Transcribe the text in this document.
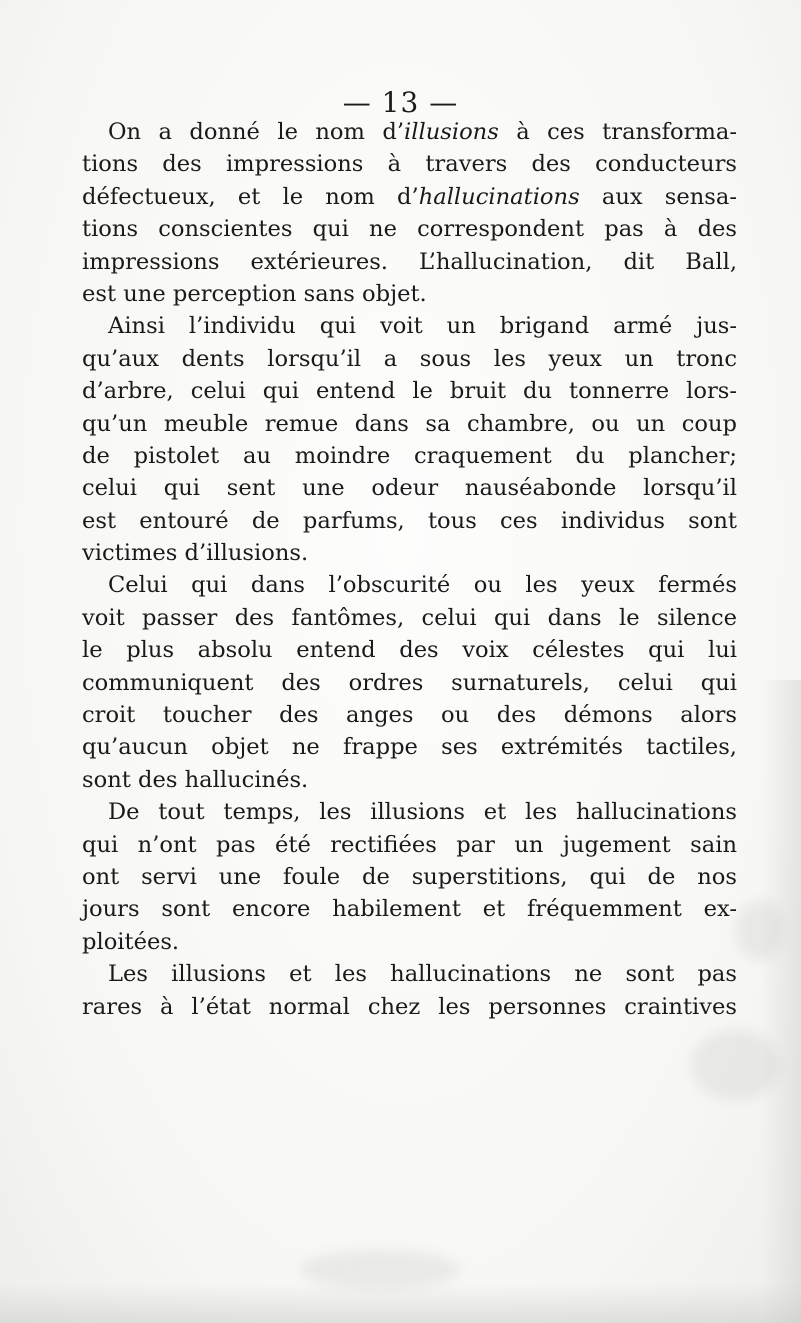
— 13 —
On a donné le nom d’illusions à ces transforma-
tions des impressions à travers des conducteurs
défectueux, et le nom d’hallucinations aux sensa-
tions conscientes qui ne correspondent pas à des
impressions extérieures. L’hallucination, dit Ball,
est une perception sans objet.
Ainsi l’individu qui voit un brigand armé jus-
qu’aux dents lorsqu’il a sous les yeux un tronc
d’arbre, celui qui entend le bruit du tonnerre lors-
qu’un meuble remue dans sa chambre, ou un coup
de pistolet au moindre craquement du plancher;
celui qui sent une odeur nauséabonde lorsqu’il
est entouré de parfums, tous ces individus sont
victimes d’illusions.
Celui qui dans l’obscurité ou les yeux fermés
voit passer des fantômes, celui qui dans le silence
le plus absolu entend des voix célestes qui lui
communiquent des ordres surnaturels, celui qui
croit toucher des anges ou des démons alors
qu’aucun objet ne frappe ses extrémités tactiles,
sont des hallucinés.
De tout temps, les illusions et les hallucinations
qui n’ont pas été rectifiées par un jugement sain
ont servi une foule de superstitions, qui de nos
jours sont encore habilement et fréquemment ex-
ploitées.
Les illusions et les hallucinations ne sont pas
rares à l’état normal chez les personnes craintives
